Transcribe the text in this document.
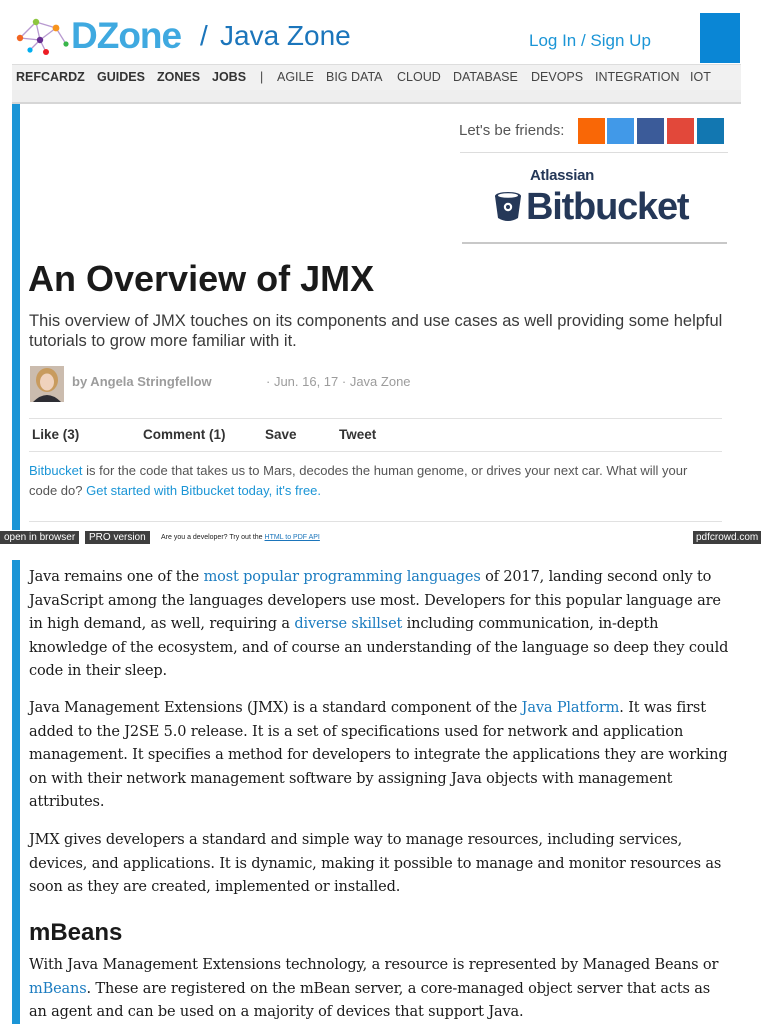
DZone / Java Zone	Log In / Sign Up
REFCARDZ GUIDES ZONES JOBS | AGILE BIG DATA CLOUD DATABASE DEVOPS INTEGRATION IOT
Let's be friends:
Atlassian
Bitbucket
An Overview of JMX

This overview of JMX touches on its components and use cases as well providing some helpful tutorials to grow more familiar with it.

by Angela Stringfellow	· Jun. 16, 17 · Java Zone
Like (3)	Comment (1)	Save	Tweet

Bitbucket is for the code that takes us to Mars, decodes the human genome, or drives your next car. What will your code do? Get started with Bitbucket today, it's free.

open in browser	PRO version	Are you a developer? Try out the HTML to PDF API	pdfcrowd.com

Java remains one of the most popular programming languages of 2017, landing second only to JavaScript among the languages developers use most. Developers for this popular language are in high demand, as well, requiring a diverse skillset including communication, in-depth knowledge of the ecosystem, and of course an understanding of the language so deep they could code in their sleep.

Java Management Extensions (JMX) is a standard component of the Java Platform. It was first added to the J2SE 5.0 release. It is a set of specifications used for network and application management. It specifies a method for developers to integrate the applications they are working on with their network management software by assigning Java objects with management attributes.

JMX gives developers a standard and simple way to manage resources, including services, devices, and applications. It is dynamic, making it possible to manage and monitor resources as soon as they are created, implemented or installed.

mBeans

With Java Management Extensions technology, a resource is represented by Managed Beans or mBeans. These are registered on the mBean server, a core-managed object server that acts as an agent and can be used on a majority of devices that support Java.
